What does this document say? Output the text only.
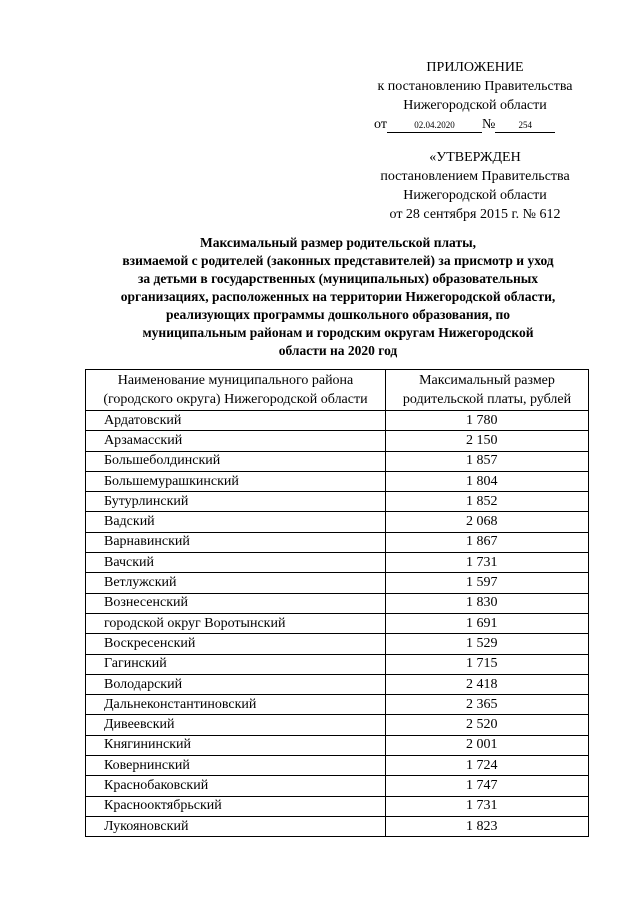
ПРИЛОЖЕНИЕ
к постановлению Правительства
Нижегородской области
от	02.04.2020 №	254
«УТВЕРЖДЕН
постановлением Правительства
Нижегородской области
от 28 сентября 2015 г. № 612
Максимальный размер родительской платы,
взимаемой с родителей (законных представителей) за присмотр и уход
за детьми в государственных (муниципальных) образовательных
организациях, расположенных на территории Нижегородской области,
реализующих программы дошкольного образования, по
муниципальным районам и городским округам Нижегородской
области на 2020 год
Наименование муниципального района
(городского округа) Нижегородской области	Максимальный размер
родительской платы, рублей
Ардатовский	1 780
Арзамасский	2 150
Большеболдинский	1 857
Большемурашкинский	1 804
Бутурлинский	1 852
Вадский	2 068
Варнавинский	1 867
Вачский	1 731
Ветлужский	1 597
Вознесенский	1 830
городской округ Воротынский	1 691
Воскресенский	1 529
Гагинский	1 715
Володарский	2 418
Дальнеконстантиновский	2 365
Дивеевский	2 520
Княгининский	2 001
Ковернинский	1 724
Краснобаковский	1 747
Краснооктябрьский	1 731
Лукояновский	1 823
